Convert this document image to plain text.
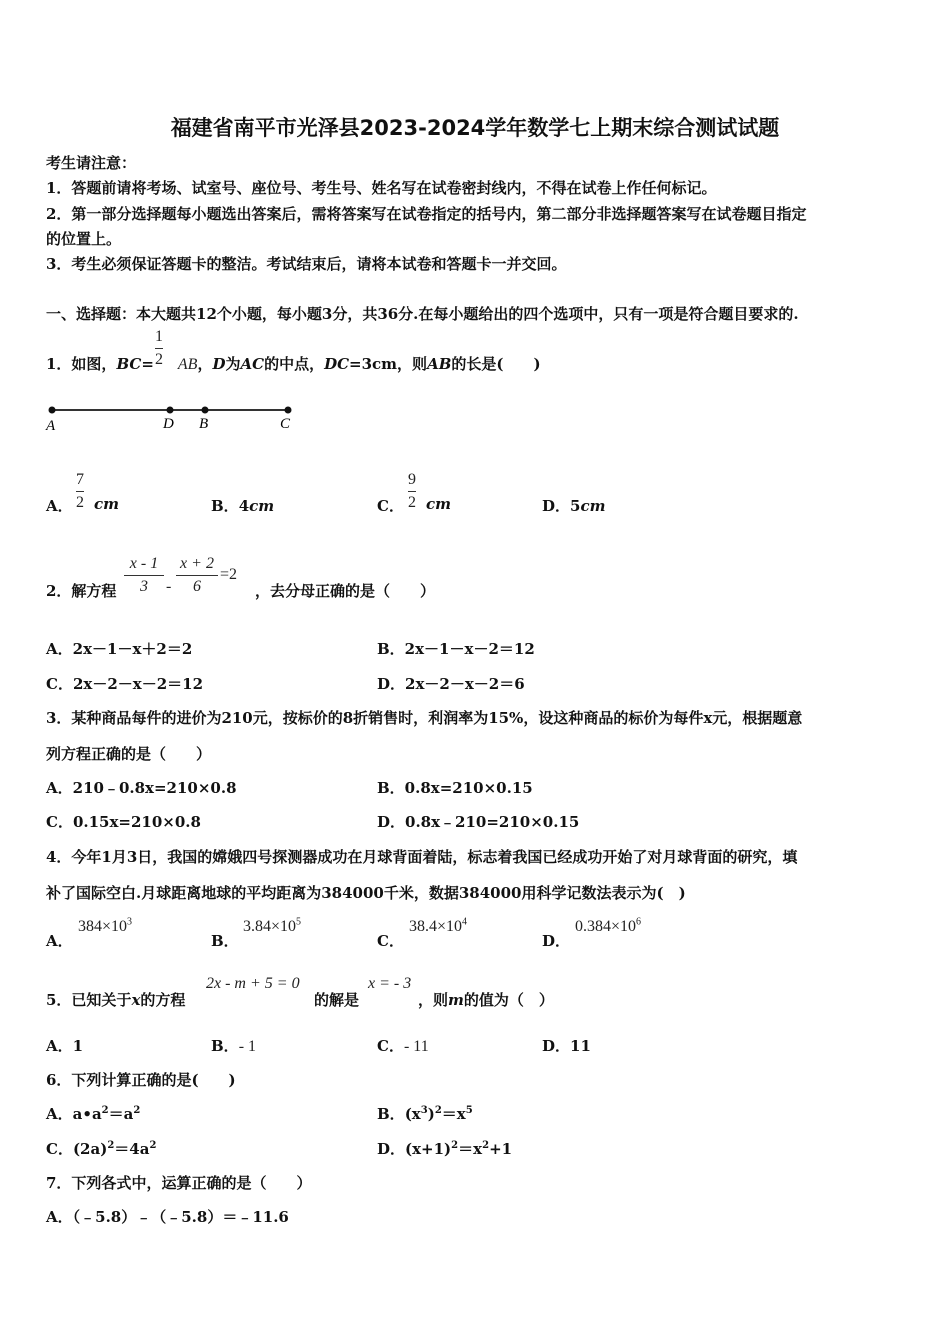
福建省南平市光泽县2023-2024学年数学七上期末综合测试试题
考生请注意：
1．答题前请将考场、试室号、座位号、考生号、姓名写在试卷密封线内，不得在试卷上作任何标记。
2．第一部分选择题每小题选出答案后，需将答案写在试卷指定的括号内，第二部分非选择题答案写在试卷题目指定
的位置上。
3．考生必须保证答题卡的整洁。考试结束后，请将本试卷和答题卡一并交回。
一、选择题：本大题共12个小题，每小题3分，共36分.在每小题给出的四个选项中，只有一项是符合题目要求的.
1．如图，BC= AB，D为AC的中点，DC=3cm，则AB的长是(　　)
1
2
A	D B	C
A．
7
2 cm	B．4cm	C．
9
2 cm	D．5cm
2．解方程
x - 1
3	-
x + 2
6
=2
，去分母正确的是（　　）
A．2x－1－x＋2＝2	B．2x－1－x－2＝12
C．2x－2－x－2＝12	D．2x－2－x－2＝6
3．某种商品每件的进价为210元，按标价的8折销售时，利润率为15%，设这种商品的标价为每件x元，根据题意
列方程正确的是（　　）
A．210﹣0.8x=210×0.8	B．0.8x=210×0.15
C．0.15x=210×0.8	D．0.8x﹣210=210×0.15
4．今年1月3日，我国的嫦娥四号探测器成功在月球背面着陆，标志着我国已经成功开始了对月球背面的研究，填
补了国际空白.月球距离地球的平均距离为384000千米，数据384000用科学记数法表示为(　)
A．
$384\times 10^3$
B．
$3.84\times 10^5$
C．
$38.4\times 10^4$
D．
$0.384\times 10^6$
5．已知关于x的方程
2x - m + 5 = 0
的解是
x = - 3
，则m的值为（　）
A．1	B．- 1	C．- 11	D．11
6．下列计算正确的是(　　)
A．$a•a^2=a^2$	B．$(x^3)^2=x^5$
C．$(2a)^2=4a^2$	D．$(x+1)^2=x^2+1$
7．下列各式中，运算正确的是（　　）
A．（﹣5.8）﹣（﹣5.8）＝﹣11.6
